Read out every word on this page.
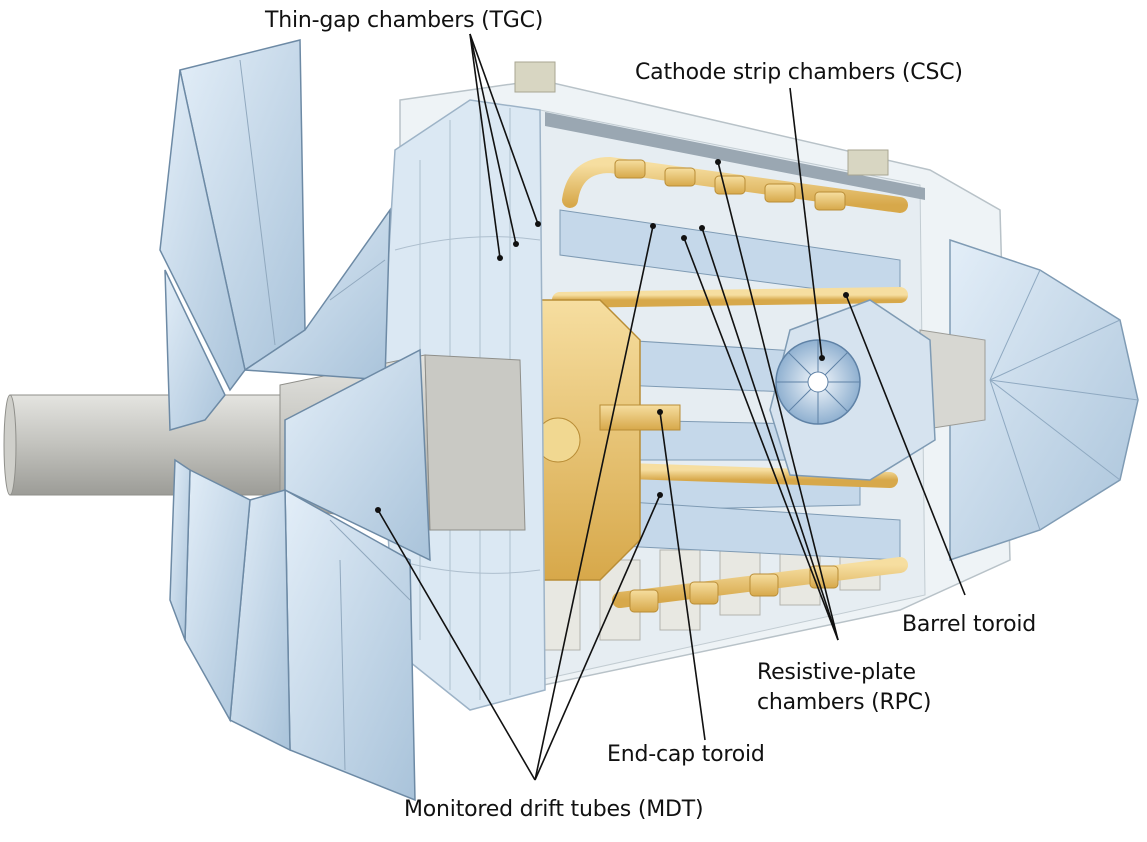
Thin-gap chambers (TGC)
Cathode strip chambers (CSC)
Barrel toroid
Resistive-plate
chambers (RPC)
End-cap toroid
Monitored drift tubes (MDT)
